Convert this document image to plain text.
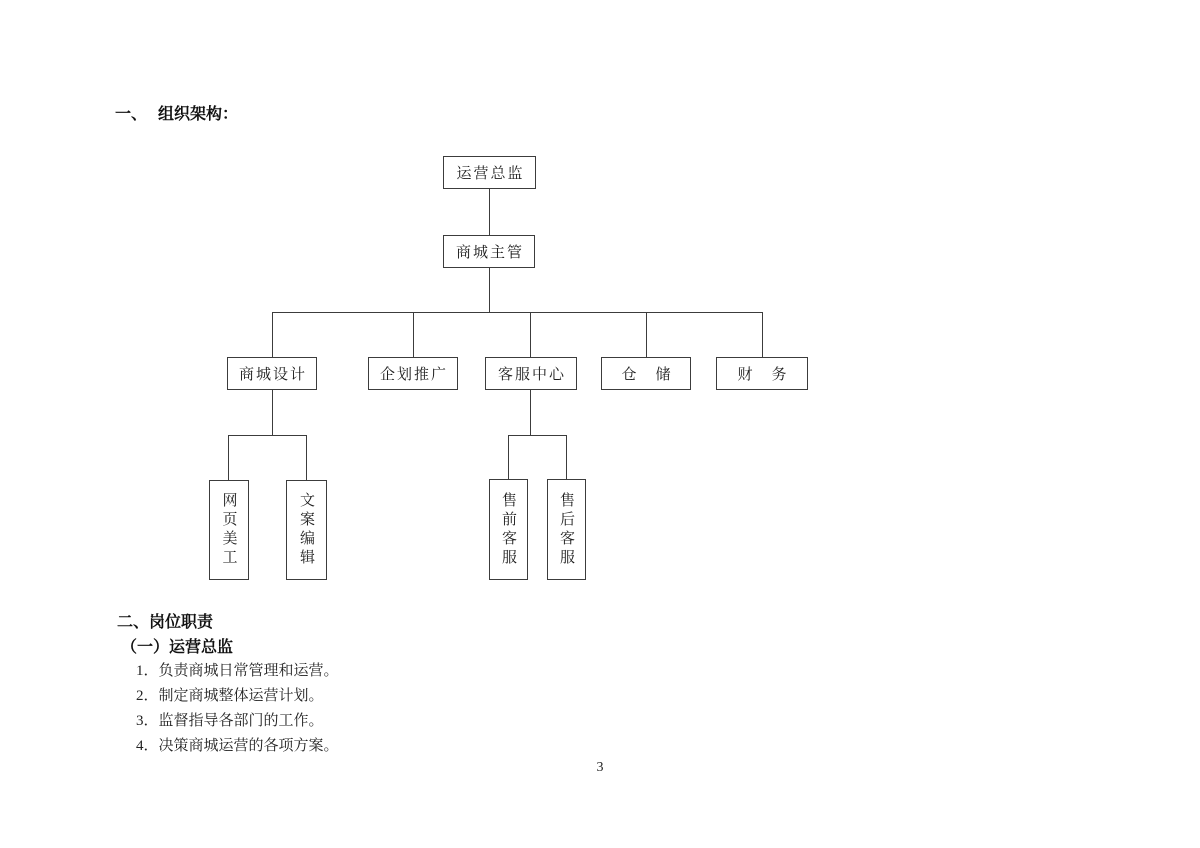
一、 组织架构：
运营总监
商城主管
商城设计	企划推广	客服中心	仓　储	财　务
网页美工	文案编辑	售前客服	售后客服
二、岗位职责
（一）运营总监
1．负责商城日常管理和运营。
2．制定商城整体运营计划。
3．监督指导各部门的工作。
4．决策商城运营的各项方案。
3
